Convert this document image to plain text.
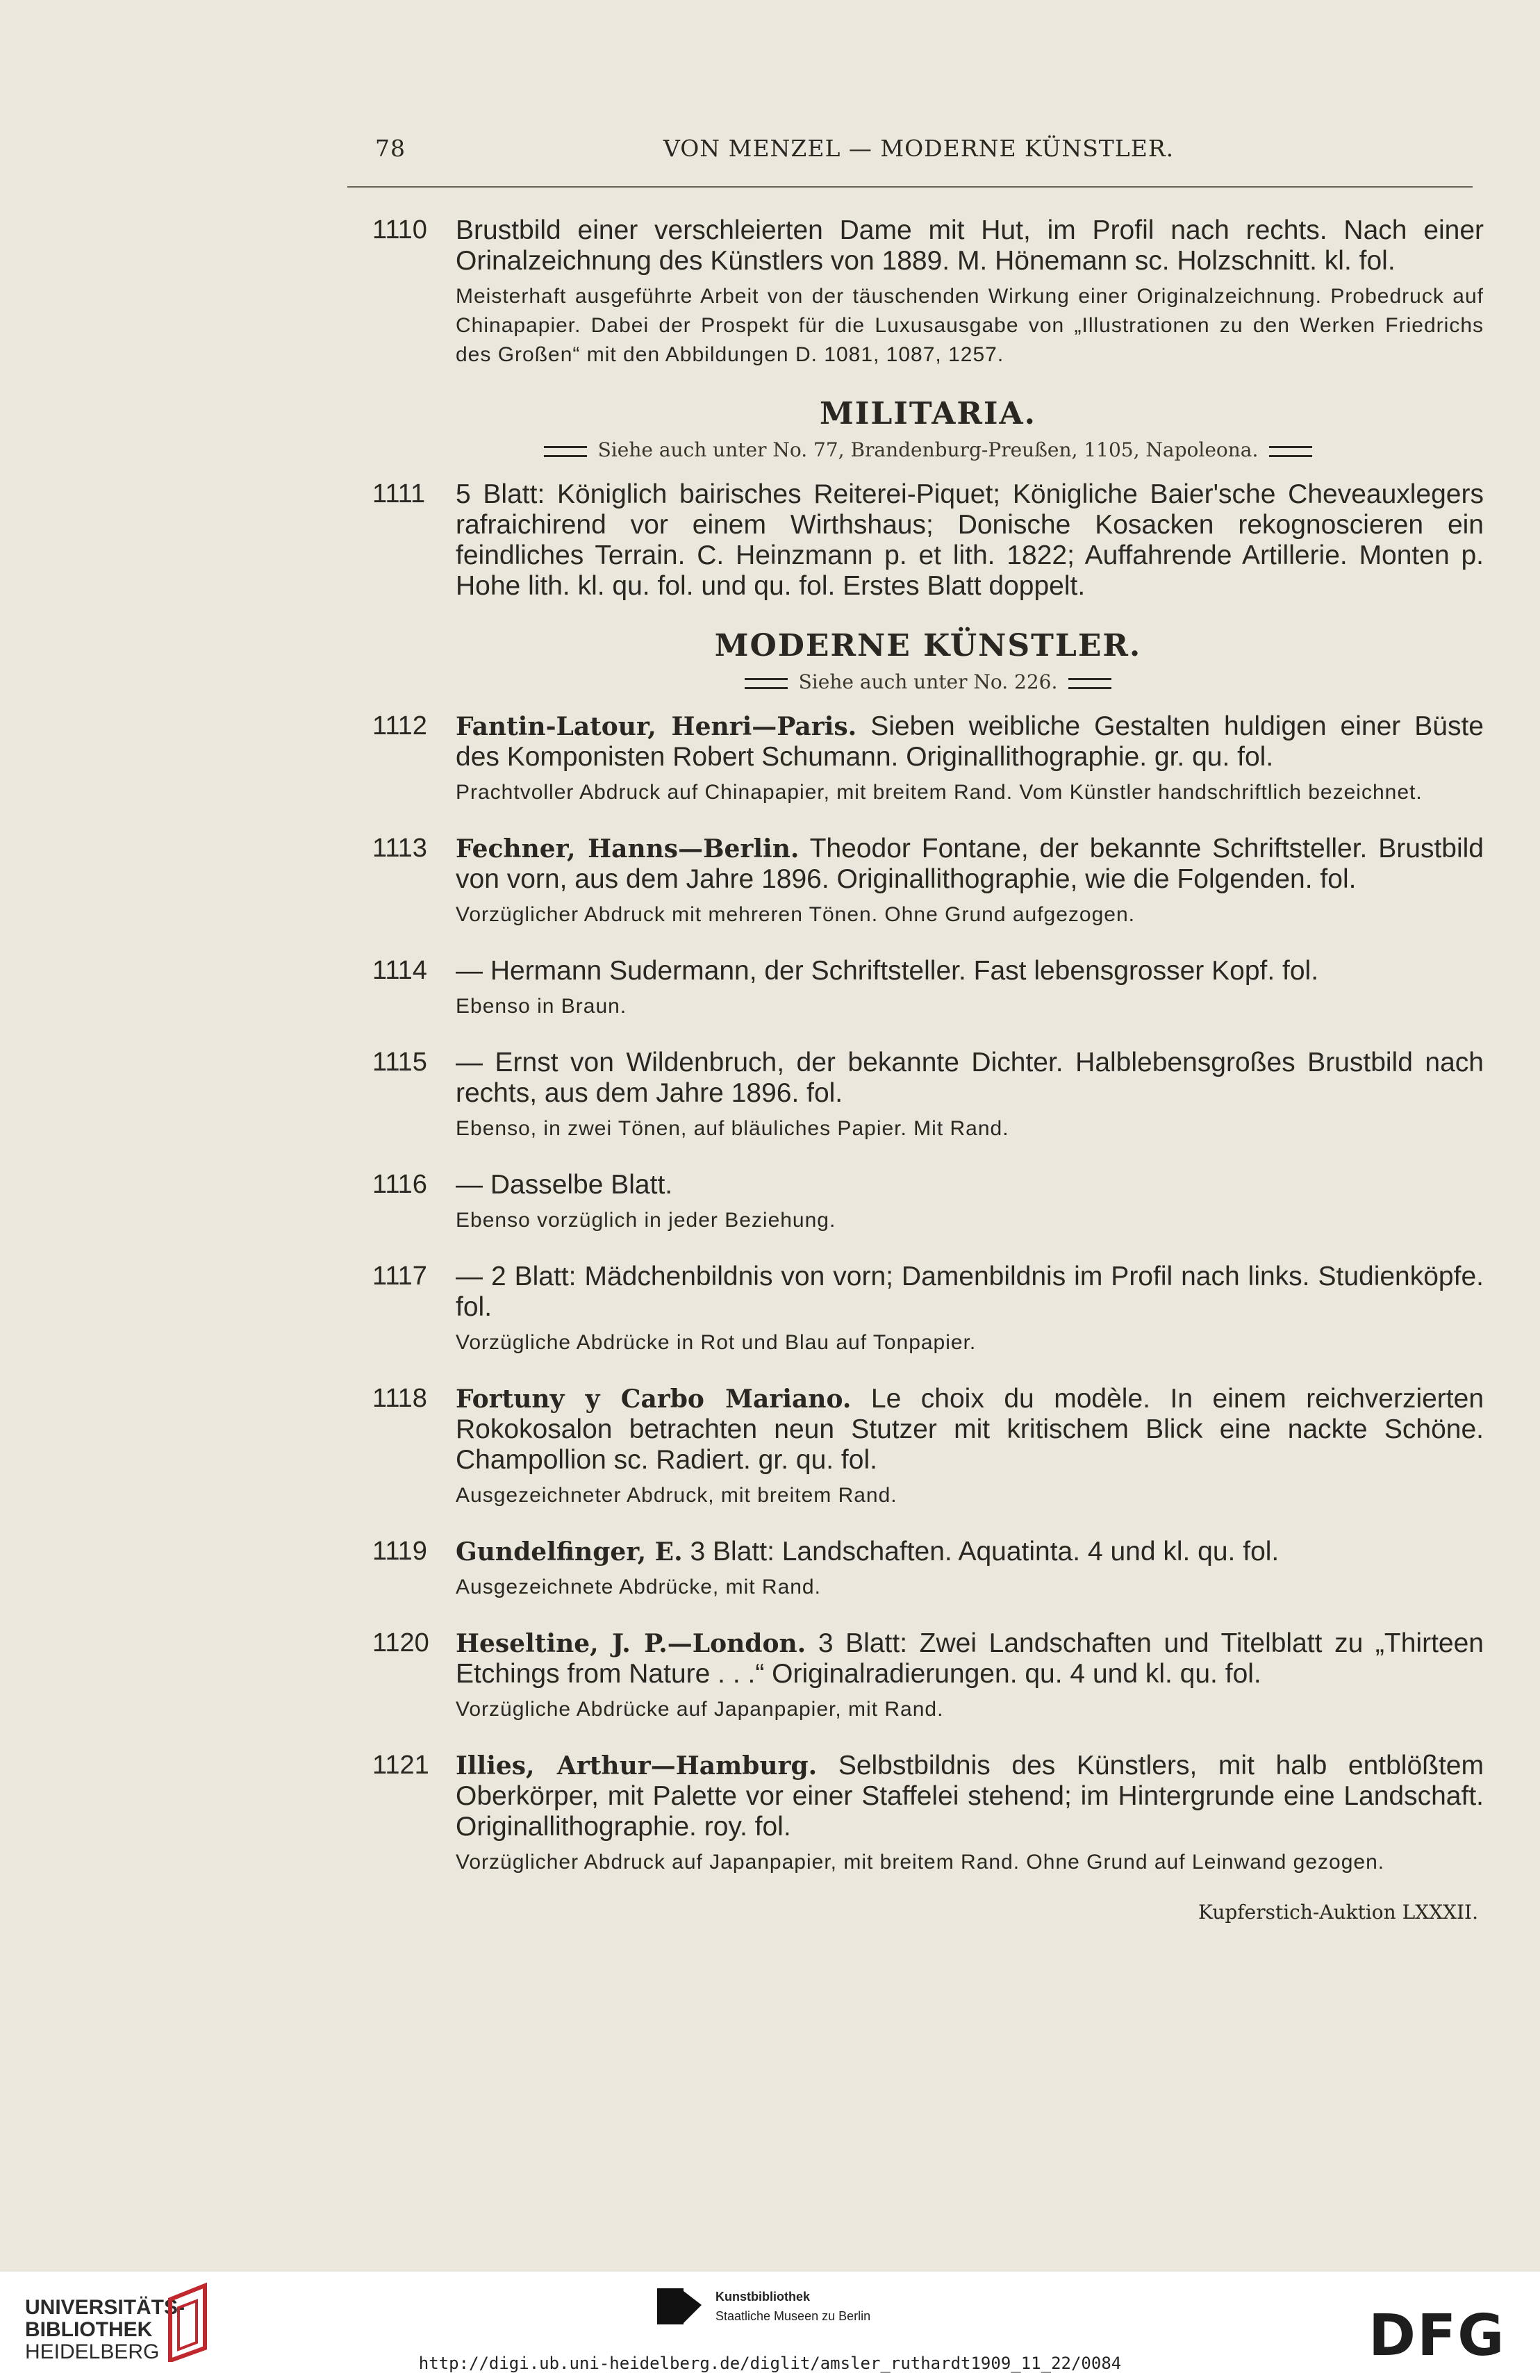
78	VON MENZEL — MODERNE KÜNSTLER.
1110 Brustbild einer verschleierten Dame mit Hut, im Profil nach rechts. Nach einer Orinalzeichnung des Künstlers von 1889. M. Hönemann sc. Holzschnitt. kl. fol.
Meisterhaft ausgeführte Arbeit von der täuschenden Wirkung einer Originalzeichnung. Probedruck auf Chinapapier. Dabei der Prospekt für die Luxusausgabe von „Illustrationen zu den Werken Friedrichs des Großen“ mit den Abbildungen D. 1081, 1087, 1257.
MILITARIA.
Siehe auch unter No. 77, Brandenburg-Preußen, 1105, Napoleona.
1111 5 Blatt: Königlich bairisches Reiterei-Piquet; Königliche Baier'sche Cheveauxlegers rafraichirend vor einem Wirthshaus; Donische Kosacken rekognoscieren ein feindliches Terrain. C. Heinzmann p. et lith. 1822; Auffahrende Artillerie. Monten p. Hohe lith. kl. qu. fol. und qu. fol. Erstes Blatt doppelt.
MODERNE KÜNSTLER.
Siehe auch unter No. 226.
1112 Fantin-Latour, Henri—Paris. Sieben weibliche Gestalten huldigen einer Büste des Komponisten Robert Schumann. Originallithographie. gr. qu. fol.
Prachtvoller Abdruck auf Chinapapier, mit breitem Rand. Vom Künstler handschriftlich bezeichnet.
1113 Fechner, Hanns—Berlin. Theodor Fontane, der bekannte Schriftsteller. Brustbild von vorn, aus dem Jahre 1896. Originallithographie, wie die Folgenden. fol.
Vorzüglicher Abdruck mit mehreren Tönen. Ohne Grund aufgezogen.
1114 — Hermann Sudermann, der Schriftsteller. Fast lebensgrosser Kopf. fol.
Ebenso in Braun.
1115 — Ernst von Wildenbruch, der bekannte Dichter. Halblebensgroßes Brustbild nach rechts, aus dem Jahre 1896. fol.
Ebenso, in zwei Tönen, auf bläuliches Papier. Mit Rand.
1116 — Dasselbe Blatt.
Ebenso vorzüglich in jeder Beziehung.
1117 — 2 Blatt: Mädchenbildnis von vorn; Damenbildnis im Profil nach links. Studienköpfe. fol.
Vorzügliche Abdrücke in Rot und Blau auf Tonpapier.
1118 Fortuny y Carbo Mariano. Le choix du modèle. In einem reichverzierten Rokokosalon betrachten neun Stutzer mit kritischem Blick eine nackte Schöne. Champollion sc. Radiert. gr. qu. fol.
Ausgezeichneter Abdruck, mit breitem Rand.
1119 Gundelfinger, E. 3 Blatt: Landschaften. Aquatinta. 4 und kl. qu. fol.
Ausgezeichnete Abdrücke, mit Rand.
1120 Heseltine, J. P.—London. 3 Blatt: Zwei Landschaften und Titelblatt zu „Thirteen Etchings from Nature . . .“ Originalradierungen. qu. 4 und kl. qu. fol.
Vorzügliche Abdrücke auf Japanpapier, mit Rand.
1121 Illies, Arthur—Hamburg. Selbstbildnis des Künstlers, mit halb entblößtem Oberkörper, mit Palette vor einer Staffelei stehend; im Hintergrunde eine Landschaft. Originallithographie. roy. fol.
Vorzüglicher Abdruck auf Japanpapier, mit breitem Rand. Ohne Grund auf Leinwand gezogen.
Kupferstich-Auktion LXXXII.
UNIVERSITÄTS-
BIBLIOTHEK
HEIDELBERG
Kunstbibliothek
Staatliche Museen zu Berlin	DFG
http://digi.ub.uni-heidelberg.de/diglit/amsler_ruthardt1909_11_22/0084
